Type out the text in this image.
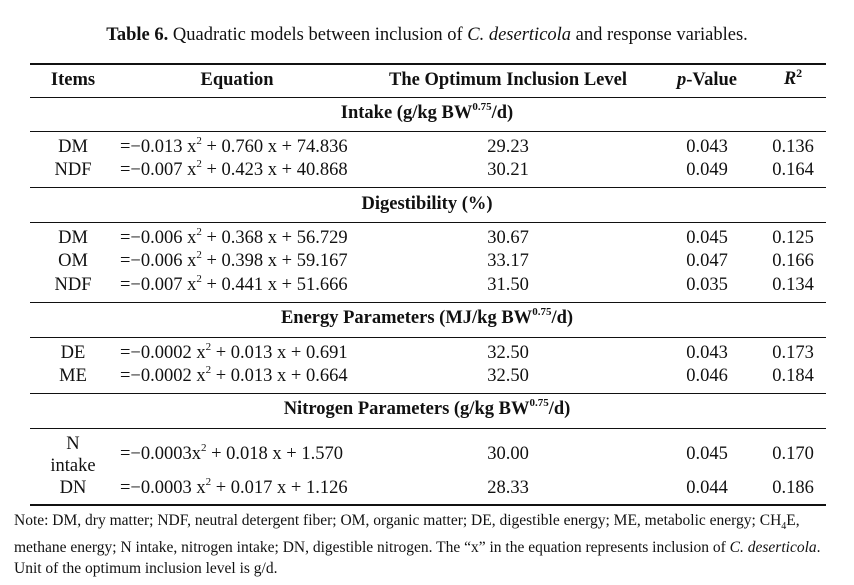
Table 6. Quadratic models between inclusion of C. deserticola and response variables.
Items	Equation	The Optimum Inclusion Level	p-Value	$R^2$
Intake (g/kg $BW^{0.75}/d$)
DM =−0.013 $x^2 + 0.760$ x + 74.836	29.23	0.043 0.136
NDF =−0.007 $x^2 + 0.423$ x + 40.868	30.21	0.049 0.164
Digestibility (%)
DM =−0.006 $x^2 + 0.368$ x + 56.729	30.67	0.045 0.125
OM =−0.006 $x^2 + 0.398$ x + 59.167	33.17	0.047 0.166
NDF =−0.007 $x^2 + 0.441$ x + 51.666	31.50	0.035 0.134
Energy Parameters (MJ/kg $BW^{0.75}/d$)
DE =−0.0002 $x^2 + 0.013$ x + 0.691	32.50	0.043 0.173
ME =−0.0002 $x^2 + 0.013$ x + 0.664	32.50	0.046 0.184
Nitrogen Parameters (g/kg $BW^{0.75}/d$)
N
intake
$=-0.0003x^2 + 0.018$ x + 1.570	30.00	0.045 0.170
DN =−0.0003 $x^2 + 0.017$ x + 1.126	28.33	0.044 0.186
Note: DM, dry matter; NDF, neutral detergent fiber; OM, organic matter; DE, digestible energy; ME, metabolic energy; $CH_4E$, methane energy; N intake, nitrogen intake; DN, digestible nitrogen. The “x” in the equation represents inclusion of C. deserticola. Unit of the optimum inclusion level is g/d.
